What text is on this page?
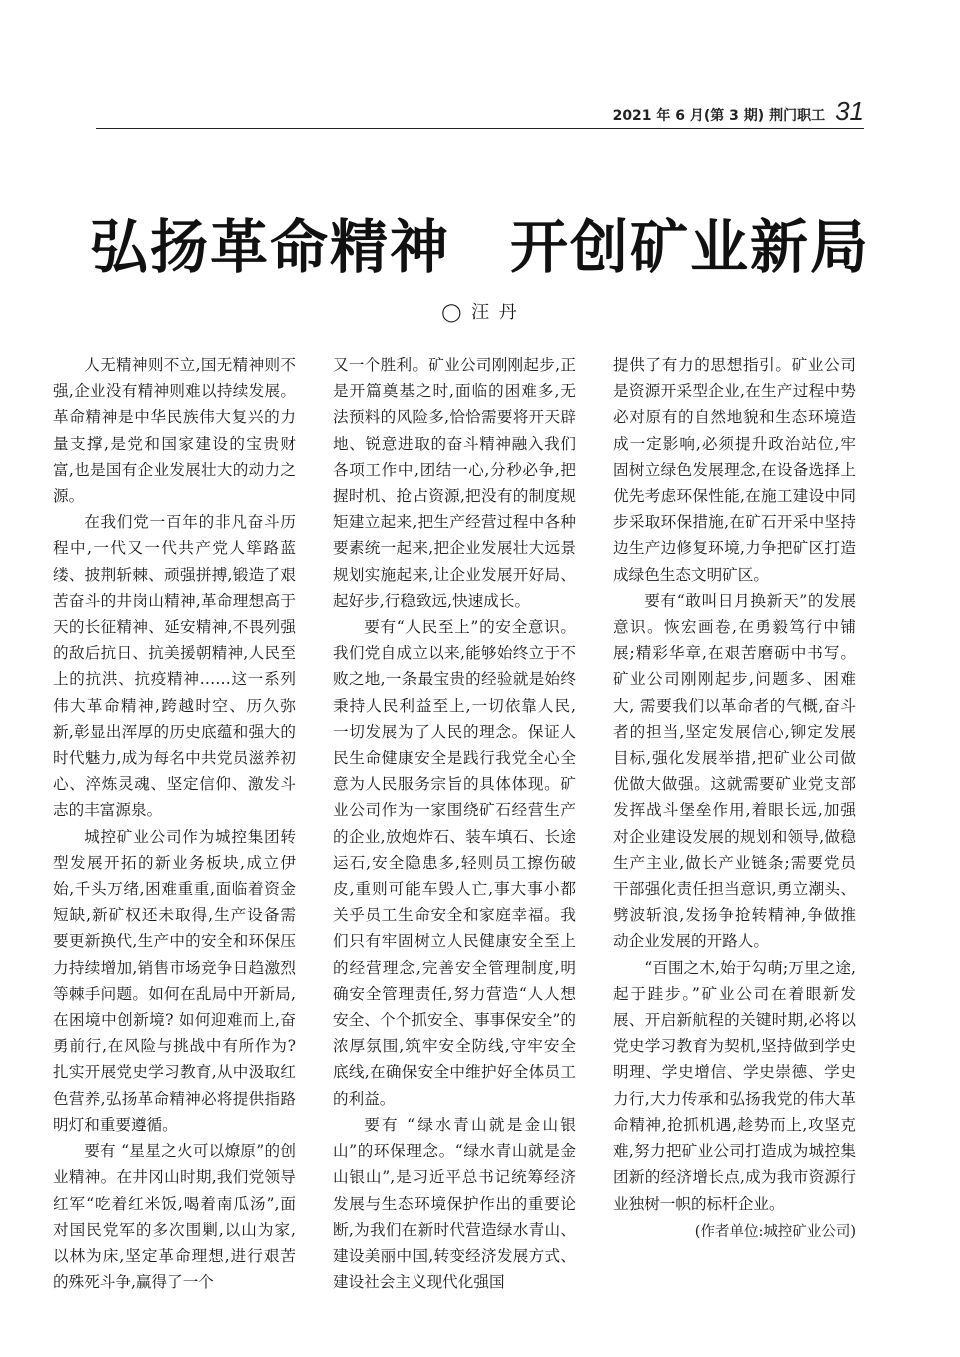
2021 年 6 月(第 3 期) 荆门职工 31
弘扬革命精神　开创矿业新局
◯ 汪 丹

人无精神则不立,国无精神则不强,企业没有精神则难以持续发展。革命精神是中华民族伟大复兴的力量支撑,是党和国家建设的宝贵财富,也是国有企业发展壮大的动力之源。

在我们党一百年的非凡奋斗历程中,一代又一代共产党人筚路蓝缕、披荆斩棘、顽强拼搏,锻造了艰苦奋斗的井岗山精神,革命理想高于天的长征精神、延安精神,不畏列强的敌后抗日、抗美援朝精神,人民至上的抗洪、抗疫精神……这一系列伟大革命精神,跨越时空、历久弥新,彰显出浑厚的历史底蕴和强大的时代魅力,成为每名中共党员滋养初心、淬炼灵魂、坚定信仰、激发斗志的丰富源泉。

城控矿业公司作为城控集团转型发展开拓的新业务板块,成立伊始,千头万绪,困难重重,面临着资金短缺,新矿权还未取得,生产设备需要更新换代,生产中的安全和环保压力持续增加,销售市场竞争日趋激烈等棘手问题。如何在乱局中开新局,在困境中创新境? 如何迎难而上,奋勇前行,在风险与挑战中有所作为?扎实开展党史学习教育,从中汲取红色营养,弘扬革命精神必将提供指路明灯和重要遵循。

要有 “星星之火可以燎原”的创业精神。在井冈山时期,我们党领导红军“吃着红米饭,喝着南瓜汤”,面对国民党军的多次围剿,以山为家,以林为床,坚定革命理想,进行艰苦的殊死斗争,赢得了一个

又一个胜利。矿业公司刚刚起步,正是开篇奠基之时,面临的困难多,无法预料的风险多,恰恰需要将开天辟地、锐意进取的奋斗精神融入我们各项工作中,团结一心,分秒必争,把握时机、抢占资源,把没有的制度规矩建立起来,把生产经营过程中各种要素统一起来,把企业发展壮大远景规划实施起来,让企业发展开好局、起好步,行稳致远,快速成长。

要有“人民至上”的安全意识。我们党自成立以来,能够始终立于不败之地,一条最宝贵的经验就是始终秉持人民利益至上,一切依靠人民,一切发展为了人民的理念。保证人民生命健康安全是践行我党全心全意为人民服务宗旨的具体体现。矿业公司作为一家围绕矿石经营生产的企业,放炮炸石、装车填石、长途运石,安全隐患多,轻则员工擦伤破皮,重则可能车毁人亡,事大事小都关乎员工生命安全和家庭幸福。我们只有牢固树立人民健康安全至上的经营理念,完善安全管理制度,明确安全管理责任,努力营造“人人想安全、个个抓安全、事事保安全”的浓厚氛围,筑牢安全防线,守牢安全底线,在确保安全中维护好全体员工的利益。

要有 “绿水青山就是金山银山”的环保理念。“绿水青山就是金山银山”,是习近平总书记统筹经济发展与生态环境保护作出的重要论断,为我们在新时代营造绿水青山、建设美丽中国,转变经济发展方式、建设社会主义现代化强国

提供了有力的思想指引。矿业公司是资源开采型企业,在生产过程中势必对原有的自然地貌和生态环境造成一定影响,必须提升政治站位,牢固树立绿色发展理念,在设备选择上优先考虑环保性能,在施工建设中同步采取环保措施,在矿石开采中坚持边生产边修复环境,力争把矿区打造成绿色生态文明矿区。

要有“敢叫日月换新天”的发展意识。恢宏画卷,在勇毅笃行中铺展;精彩华章,在艰苦磨砺中书写。矿业公司刚刚起步,问题多、困难大, 需要我们以革命者的气概,奋斗者的担当,坚定发展信心,铆定发展目标,强化发展举措,把矿业公司做优做大做强。这就需要矿业党支部发挥战斗堡垒作用,着眼长远,加强对企业建设发展的规划和领导,做稳生产主业,做长产业链条;需要党员干部强化责任担当意识,勇立潮头、劈波斩浪,发扬争抢转精神,争做推动企业发展的开路人。

“百围之木,始于勾萌;万里之途,起于跬步。”矿业公司在着眼新发展、开启新航程的关键时期,必将以党史学习教育为契机,坚持做到学史明理、学史增信、学史崇德、学史力行,大力传承和弘扬我党的伟大革命精神,抢抓机遇,趁势而上,攻坚克难,努力把矿业公司打造成为城控集团新的经济增长点,成为我市资源行业独树一帜的标杆企业。

(作者单位:城控矿业公司)
